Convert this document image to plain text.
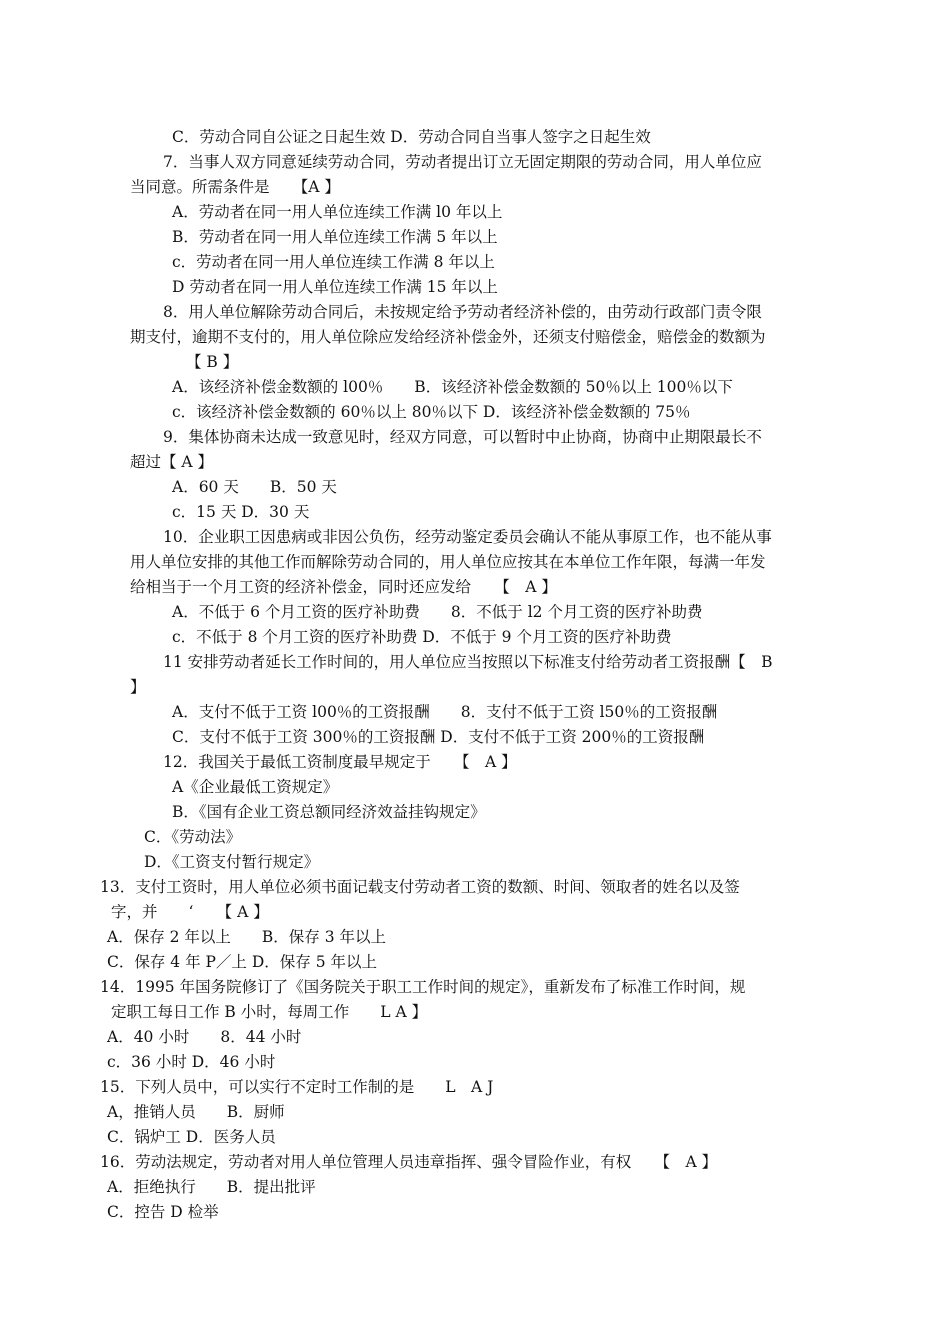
C．劳动合同自公证之日起生效 D．劳动合同自当事人签字之日起生效
7．当事人双方同意延续劳动合同，劳动者提出订立无固定期限的劳动合同，用人单位应
当同意。所需条件是　　【A 】
A．劳动者在同一用人单位连续工作满 l0 年以上
B．劳动者在同一用人单位连续工作满 5 年以上
c．劳动者在同一用人单位连续工作满 8 年以上
D 劳动者在同一用人单位连续工作满 15 年以上
8．用人单位解除劳动合同后，未按规定给予劳动者经济补偿的，由劳动行政部门责令限
期支付，逾期不支付的，用人单位除应发给经济补偿金外，还须支付赔偿金，赔偿金的数额为
【 B 】
A．该经济补偿金数额的 l00％　　B．该经济补偿金数额的 50％以上 100％以下
c．该经济补偿金数额的 60％以上 80％以下 D．该经济补偿金数额的 75％
9．集体协商未达成一致意见时，经双方同意，可以暂时中止协商，协商中止期限最长不
超过【 A 】
A．60 天　　B．50 天
c．15 天 D．30 天
10．企业职工因患病或非因公负伤，经劳动鉴定委员会确认不能从事原工作，也不能从事
用人单位安排的其他工作而解除劳动合同的，用人单位应按其在本单位工作年限，每满一年发
给相当于一个月工资的经济补偿金，同时还应发给　　【　A 】
A．不低于 6 个月工资的医疗补助费　　8．不低于 l2 个月工资的医疗补助费
c．不低于 8 个月工资的医疗补助费 D．不低于 9 个月工资的医疗补助费
11 安排劳动者延长工作时间的，用人单位应当按照以下标准支付给劳动者工资报酬【　B
】
A．支付不低于工资 l00％的工资报酬　　8．支付不低于工资 l50％的工资报酬
C．支付不低于工资 300％的工资报酬 D．支付不低于工资 200％的工资报酬
12．我国关于最低工资制度最早规定于　　【　A 】
A《企业最低工资规定》
B．《国有企业工资总额同经济效益挂钩规定》
C．《劳动法》
D．《工资支付暂行规定》
13．支付工资时，用人单位必须书面记载支付劳动者工资的数额、时间、领取者的姓名以及签
字，并　　‘　　【 A 】
A．保存 2 年以上　　B．保存 3 年以上
C．保存 4 年 P／上 D．保存 5 年以上
14．1995 年国务院修订了《国务院关于职工工作时间的规定》，重新发布了标准工作时间，规
定职工每日工作 B 小时，每周工作　　L A 】
A．40 小时　　8．44 小时
c．36 小时 D．46 小时
15．下列人员中，可以实行不定时工作制的是　　L　A J
A，推销人员　　B．厨师
C．锅炉工 D．医务人员
16．劳动法规定，劳动者对用人单位管理人员违章指挥、强令冒险作业，有权　　【　A 】
A．拒绝执行　　B．提出批评
C．控告 D 检举
